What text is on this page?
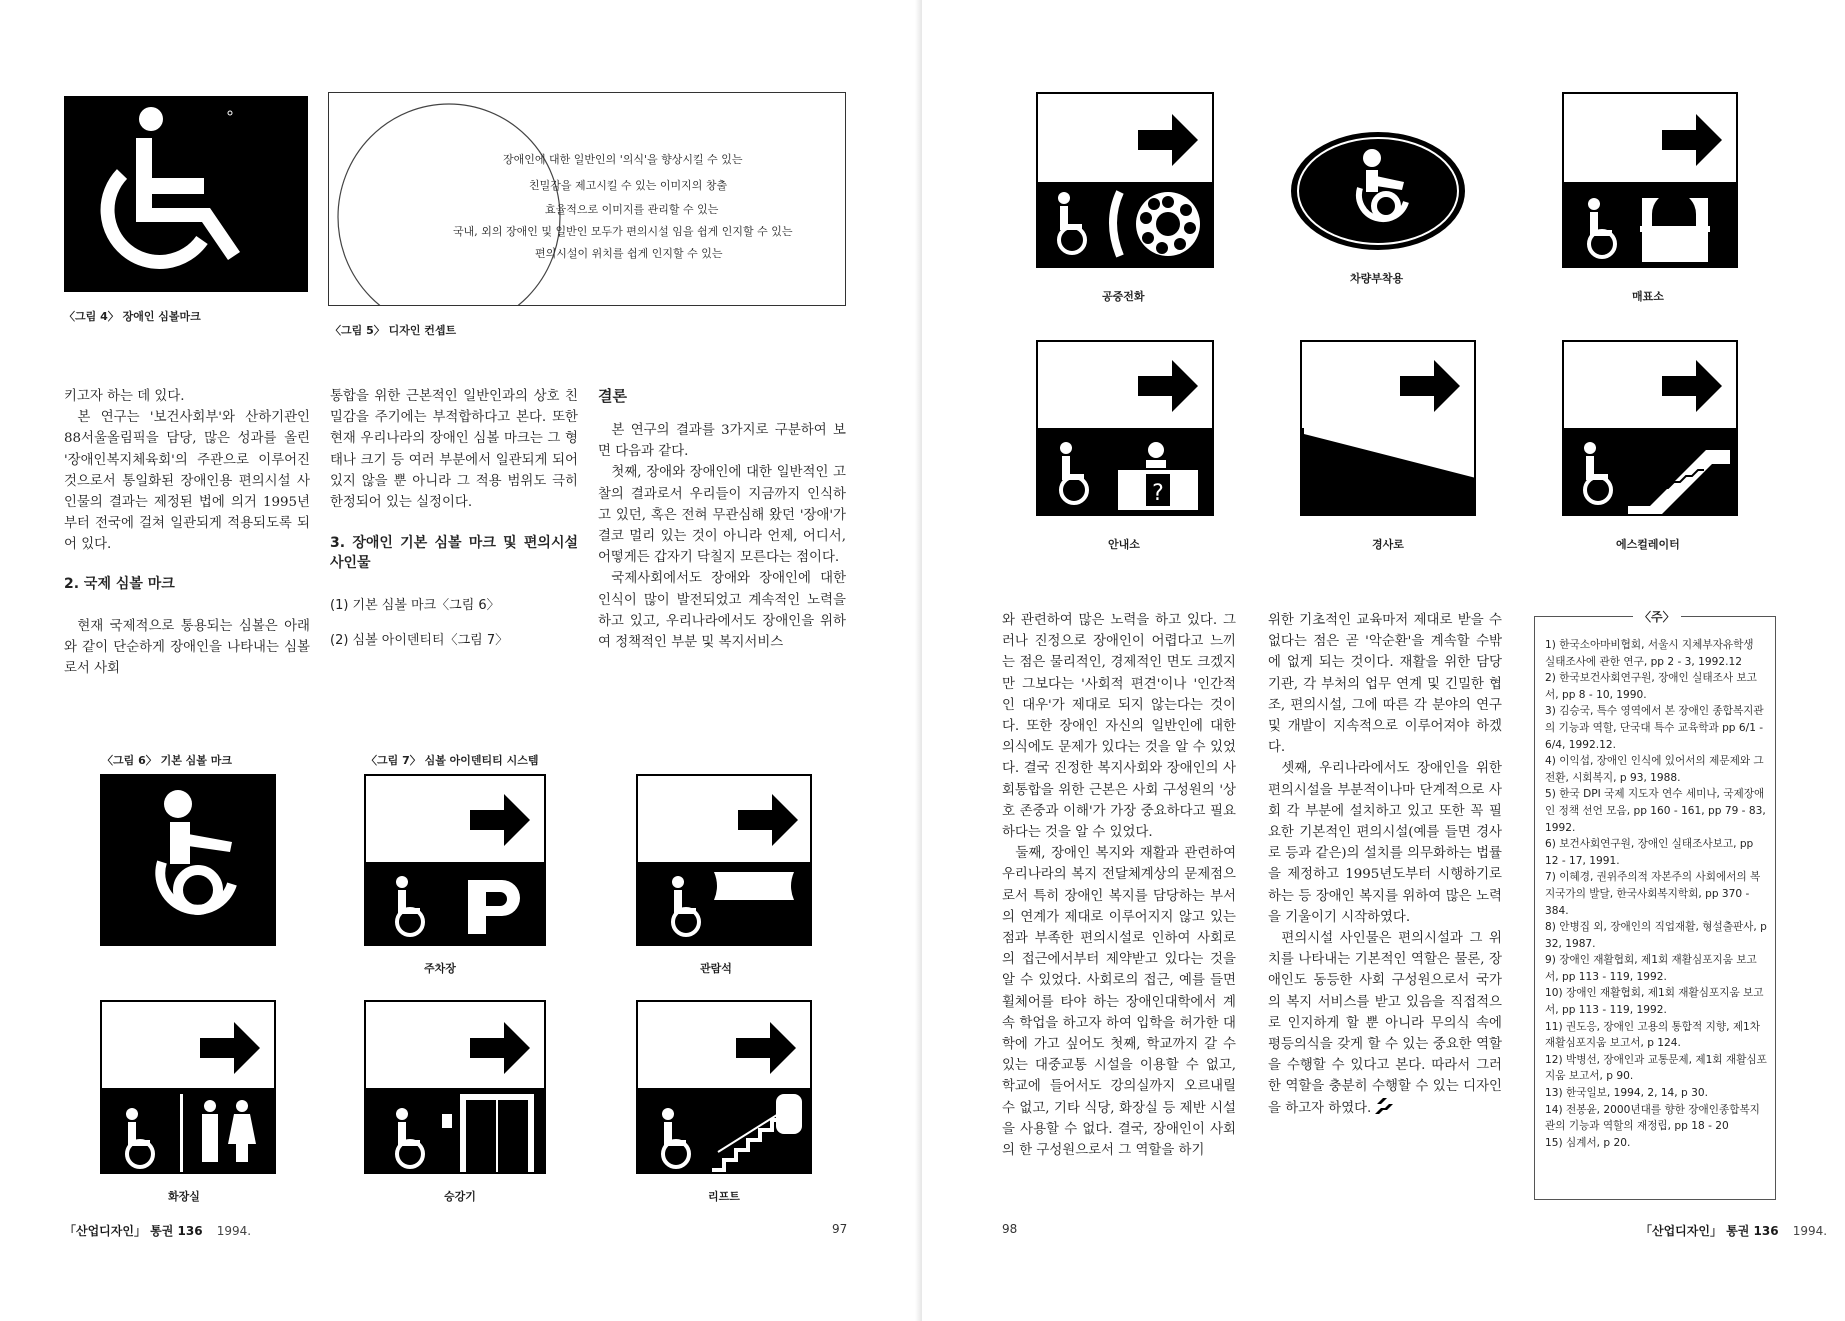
〈그림 4〉 장애인 심볼마크
장애인에 대한 일반인의 '의식'을 향상시킬 수 있는
친밀감을 제고시킬 수 있는 이미지의 창출
효율적으로 이미지를 관리할 수 있는
국내, 외의 장애인 및 일반인 모두가 편의시설 임을 쉽게 인지할 수 있는
편의시설이 위치를 쉽게 인지할 수 있는
〈그림 5〉 디자인 컨셉트

키고자 하는 데 있다.

본 연구는 '보건사회부'와 산하기관인 88서울올림픽을 담당, 많은 성과를 올린 '장애인복지체육회'의 주관으로 이루어진 것으로서 통일화된 장애인용 편의시설 사인물의 결과는 제정된 법에 의거 1995년부터 전국에 걸쳐 일관되게 적용되도록 되어 있다.

2. 국제 심볼 마크

현재 국제적으로 통용되는 심볼은 아래와 같이 단순하게 장애인을 나타내는 심볼로서 사회

통합을 위한 근본적인 일반인과의 상호 친밀감을 주기에는 부적합하다고 본다. 또한 현재 우리나라의 장애인 심볼 마크는 그 형태나 크기 등 여러 부분에서 일관되게 되어 있지 않을 뿐 아니라 그 적용 범위도 극히 한정되어 있는 실정이다.

3. 장애인 기본 심볼 마크 및 편의시설 사인물
(1) 기본 심볼 마크〈그림 6〉
(2) 심볼 아이덴티티〈그림 7〉
결론

본 연구의 결과를 3가지로 구분하여 보면 다음과 같다.

첫째, 장애와 장애인에 대한 일반적인 고찰의 결과로서 우리들이 지금까지 인식하고 있던, 혹은 전혀 무관심해 왔던 '장애'가 결코 멀리 있는 것이 아니라 언제, 어디서, 어떻게든 갑자기 닥칠지 모른다는 점이다.

국제사회에서도 장애와 장애인에 대한 인식이 많이 발전되었고 계속적인 노력을 하고 있고, 우리나라에서도 장애인을 위하여 정책적인 부분 및 복지서비스

〈그림 6〉 기본 심볼 마크	〈그림 7〉 심볼 아이덴티티 시스템
주차장	관람석
화장실	승강기	리프트
「산업디자인」 통권 136 1994.	97
공중전화
차량부착용
매표소
?
안내소	경사로	에스컬레이터

와 관련하여 많은 노력을 하고 있다. 그러나 진정으로 장애인이 어렵다고 느끼는 점은 물리적인, 경제적인 면도 크겠지만 그보다는 '사회적 편견'이나 '인간적인 대우'가 제대로 되지 않는다는 것이다. 또한 장애인 자신의 일반인에 대한 의식에도 문제가 있다는 것을 알 수 있었다. 결국 진정한 복지사회와 장애인의 사회통합을 위한 근본은 사회 구성원의 '상호 존중과 이해'가 가장 중요하다고 필요하다는 것을 알 수 있었다.

둘째, 장애인 복지와 재활과 관련하여 우리나라의 복지 전달체계상의 문제점으로서 특히 장애인 복지를 담당하는 부서의 연계가 제대로 이루어지지 않고 있는 점과 부족한 편의시설로 인하여 사회로의 접근에서부터 제약받고 있다는 것을 알 수 있었다. 사회로의 접근, 예를 들면 휠체어를 타야 하는 장애인대학에서 계속 학업을 하고자 하여 입학을 허가한 대학에 가고 싶어도 첫째, 학교까지 갈 수 있는 대중교통 시설을 이용할 수 없고, 학교에 들어서도 강의실까지 오르내릴 수 없고, 기타 식당, 화장실 등 제반 시설을 사용할 수 없다. 결국, 장애인이 사회의 한 구성원으로서 그 역할을 하기

위한 기초적인 교육마저 제대로 받을 수 없다는 점은 곧 '악순환'을 계속할 수밖에 없게 되는 것이다. 재활을 위한 담당기관, 각 부처의 업무 연계 및 긴밀한 협조, 편의시설, 그에 따른 각 분야의 연구 및 개발이 지속적으로 이루어져야 하겠다.

셋째, 우리나라에서도 장애인을 위한 편의시설을 부분적이나마 단계적으로 사회 각 부분에 설치하고 있고 또한 꼭 필요한 기본적인 편의시설(예를 들면 경사로 등과 같은)의 설치를 의무화하는 법률을 제정하고 1995년도부터 시행하기로 하는 등 장애인 복지를 위하여 많은 노력을 기울이기 시작하였다.

편의시설 사인물은 편의시설과 그 위치를 나타내는 기본적인 역할은 물론, 장애인도 동등한 사회 구성원으로서 국가의 복지 서비스를 받고 있음을 직접적으로 인지하게 할 뿐 아니라 무의식 속에 평등의식을 갖게 할 수 있는 중요한 역할을 수행할 수 있다고 본다. 따라서 그러한 역할을 충분히 수행할 수 있는 디자인을 하고자 하였다.

〈주〉

1) 한국소아마비협회, 서울시 지체부자유학생 실태조사에 관한 연구, pp 2 - 3, 1992.12

2) 한국보건사회연구원, 장애인 실태조사 보고서, pp 8 - 10, 1990.

3) 김승국, 특수 영역에서 본 장애인 종합복지관의 기능과 역할, 단국대 특수 교육학과 pp 6/1 - 6/4, 1992.12.

4) 이익섭, 장애인 인식에 있어서의 제문제와 그 전환, 시회복지, p 93, 1988.

5) 한국 DPI 국제 지도자 연수 세미나, 국제장애인 정책 선언 모음, pp 160 - 161, pp 79 - 83, 1992.

6) 보건사회연구원, 장애인 실태조사보고, pp 12 - 17, 1991.

7) 이혜경, 권위주의적 자본주의 사회에서의 복지국가의 발달, 한국사회복지학회, pp 370 - 384.

8) 안병집 외, 장애인의 직업재활, 형설출판사, p 32, 1987.

9) 장애인 재활협회, 제1회 재활심포지움 보고서, pp 113 - 119, 1992.

10) 장애인 재활협회, 제1회 재활심포지움 보고서, pp 113 - 119, 1992.

11) 권도응, 장애인 고용의 통합적 지향, 제1차 재활심포지움 보고서, p 124.

12) 박병선, 장애인과 교통문제, 제1회 재활심포지움 보고서, p 90.

13) 한국일보, 1994, 2, 14, p 30.

14) 전봉윤, 2000년대를 향한 장애인종합복지관의 기능과 역할의 재정립, pp 18 - 20

15) 심계서, p 20.

98	「산업디자인」 통권 136 1994.
